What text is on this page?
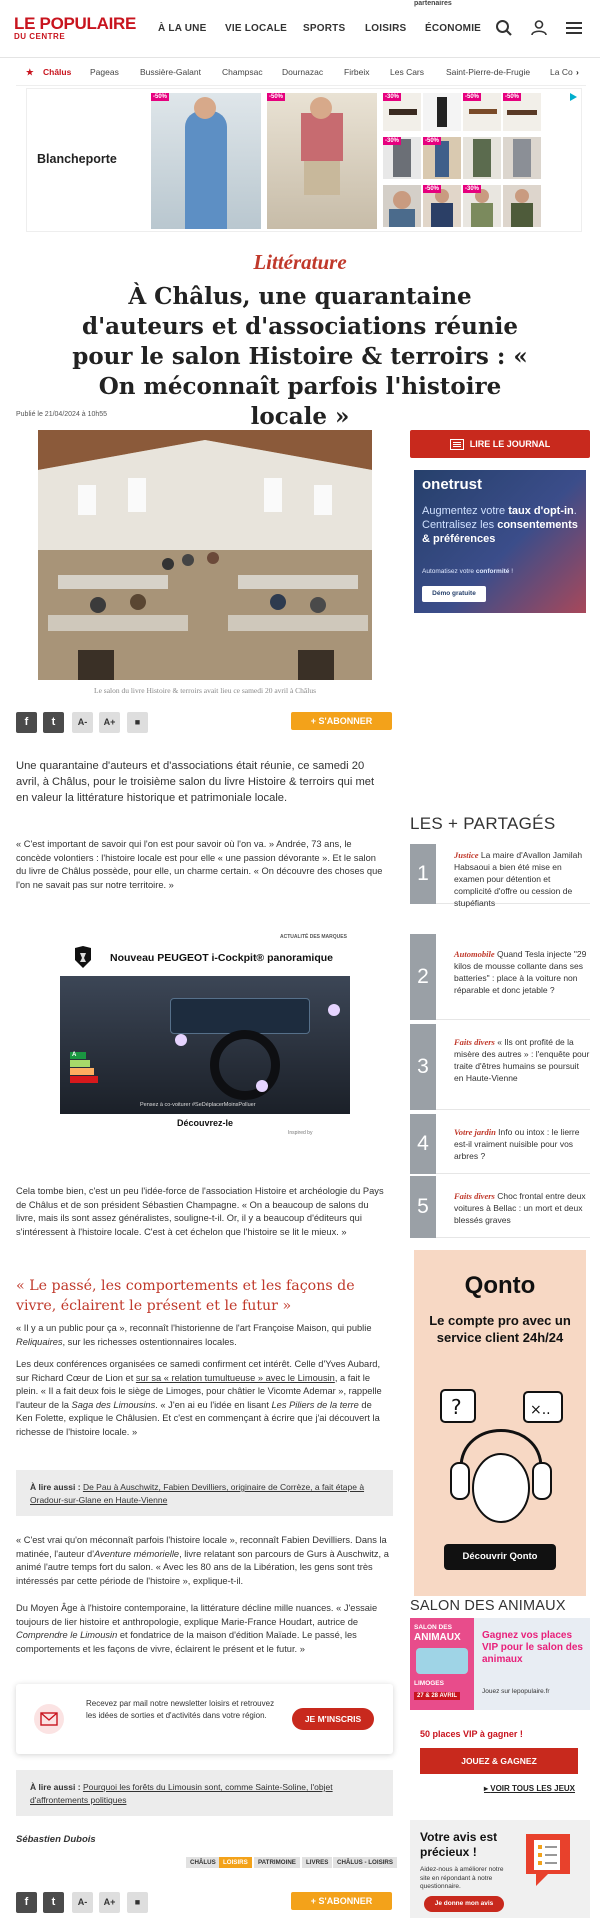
partenaires
LE POPULAIRE
DU CENTRE
À LA UNE VIE LOCALE SPORTS LOISIRS ÉCONOMIE
★ Châlus Pageas Bussière-Galant Champsac Dournazac Firbeix Les Cars	Saint-Pierre-de-Frugie La Co ›
Blancheporte
-50%	-50%	-30%	-50%
-30%	-50%
-50%	-30%
-50%
Littérature
À Châlus, une quarantaine d'auteurs et d'associations réunie pour le salon Histoire & terroirs : « On méconnaît parfois l'histoire locale »
Publié le 21/04/2024 à 10h55
Le salon du livre Histoire & terroirs avait lieu ce samedi 20 avril à Châlus
f	t	A-	A+	■	+ S'ABONNER

Une quarantaine d'auteurs et d'associations était réunie, ce samedi 20 avril, à Châlus, pour le troisième salon du livre Histoire & terroirs qui met en valeur la littérature historique et patrimoniale locale.

« C'est important de savoir qui l'on est pour savoir où l'on va. » Andrée, 73 ans, le concède volontiers : l'histoire locale est pour elle « une passion dévorante ». Et le salon du livre de Châlus possède, pour elle, un charme certain. « On découvre des choses que l'on ne savait pas sur notre territoire. »

ACTUALITÉ DES MARQUES
Nouveau PEUGEOT i-Cockpit® panoramique
A
Pensez à co-voiturer #SeDéplacerMoinsPolluer
Découvrez-le
Inspired by

Cela tombe bien, c'est un peu l'idée-force de l'association Histoire et archéologie du Pays de Châlus et de son président Sébastien Champagne. « On a beaucoup de salons du livre, mais ils sont assez généralistes, souligne-t-il. Or, il y a beaucoup d'éditeurs qui s'intéressent à l'histoire locale. C'est à cet échelon que l'histoire se lit le mieux. »

« Le passé, les comportements et les façons de vivre, éclairent le présent et le futur »

« Il y a un public pour ça », reconnaît l'historienne de l'art Françoise Maison, qui publie Reliquaires, sur les richesses ostentionnaires locales.

Les deux conférences organisées ce samedi confirment cet intérêt. Celle d'Yves Aubard, sur Richard Cœur de Lion et sur sa « relation tumultueuse » avec le Limousin, a fait le plein. « Il a fait deux fois le siège de Limoges, pour châtier le Vicomte Ademar », rappelle l'auteur de la Saga des Limousins. « J'en ai eu l'idée en lisant Les Piliers de la terre de Ken Folette, explique le Châlusien. Et c'est en commençant à écrire que j'ai découvert la richesse de l'histoire locale. »

À lire aussi : De Pau à Auschwitz, Fabien Devilliers, originaire de Corrèze, a fait étape à Oradour-sur-Glane en Haute-Vienne

« C'est vrai qu'on méconnaît parfois l'histoire locale », reconnaît Fabien Devilliers. Dans la matinée, l'auteur d'Aventure mémorielle, livre relatant son parcours de Gurs à Auschwitz, a animé l'autre temps fort du salon. « Avec les 80 ans de la Libération, les gens sont très intéressés par cette période de l'histoire », explique-t-il.

Du Moyen Âge à l'histoire contemporaine, la littérature décline mille nuances. « J'essaie toujours de lier histoire et anthropologie, explique Marie-France Houdart, autrice de Comprendre le Limousin et fondatrice de la maison d'édition Maïade. Le passé, les comportements et les façons de vivre, éclairent le présent et le futur. »

Recevez par mail notre newsletter loisirs et retrouvez les idées de sorties et d'activités dans votre région.	JE M'INSCRIS
À lire aussi : Pourquoi les forêts du Limousin sont, comme Sainte-Soline, l'objet d'affrontements politiques
Sébastien Dubois
CHÂLUS	LOISIRS	PATRIMOINE	LIVRES	CHÂLUS - LOISIRS
f	t	A-	A+	■	+ S'ABONNER
LIRE LE JOURNAL
onetrust
Augmentez votre taux d'opt-in. Centralisez les consentements & préférences
Automatisez votre conformité !
Démo gratuite
LES + PARTAGÉS
1
Justice La maire d'Avallon Jamilah Habsaoui a bien été mise en examen pour détention et complicité d'offre ou cession de stupéfiants
2
Automobile Quand Tesla injecte "29 kilos de mousse collante dans ses batteries" : place à la voiture non réparable et donc jetable ?
3
Faits divers « Ils ont profité de la misère des autres » : l'enquête pour traite d'êtres humains se poursuit en Haute-Vienne
4	Votre jardin Info ou intox : le lierre est-il vraiment nuisible pour vos arbres ?
5	Faits divers Choc frontal entre deux voitures à Bellac : un mort et deux blessés graves
Qonto
Le compte pro avec un service client 24h/24
?	×..
Découvrir Qonto
SALON DES ANIMAUX
SALON DES
ANIMAUX
LIMOGES
27 & 28 AVRIL
Gagnez vos places VIP pour le salon des animaux
Jouez sur lepopulaire.fr
50 places VIP à gagner !
JOUEZ & GAGNEZ
▸ VOIR TOUS LES JEUX
Votre avis est précieux !
Aidez-nous à améliorer notre site en répondant à notre questionnaire.
Je donne mon avis
